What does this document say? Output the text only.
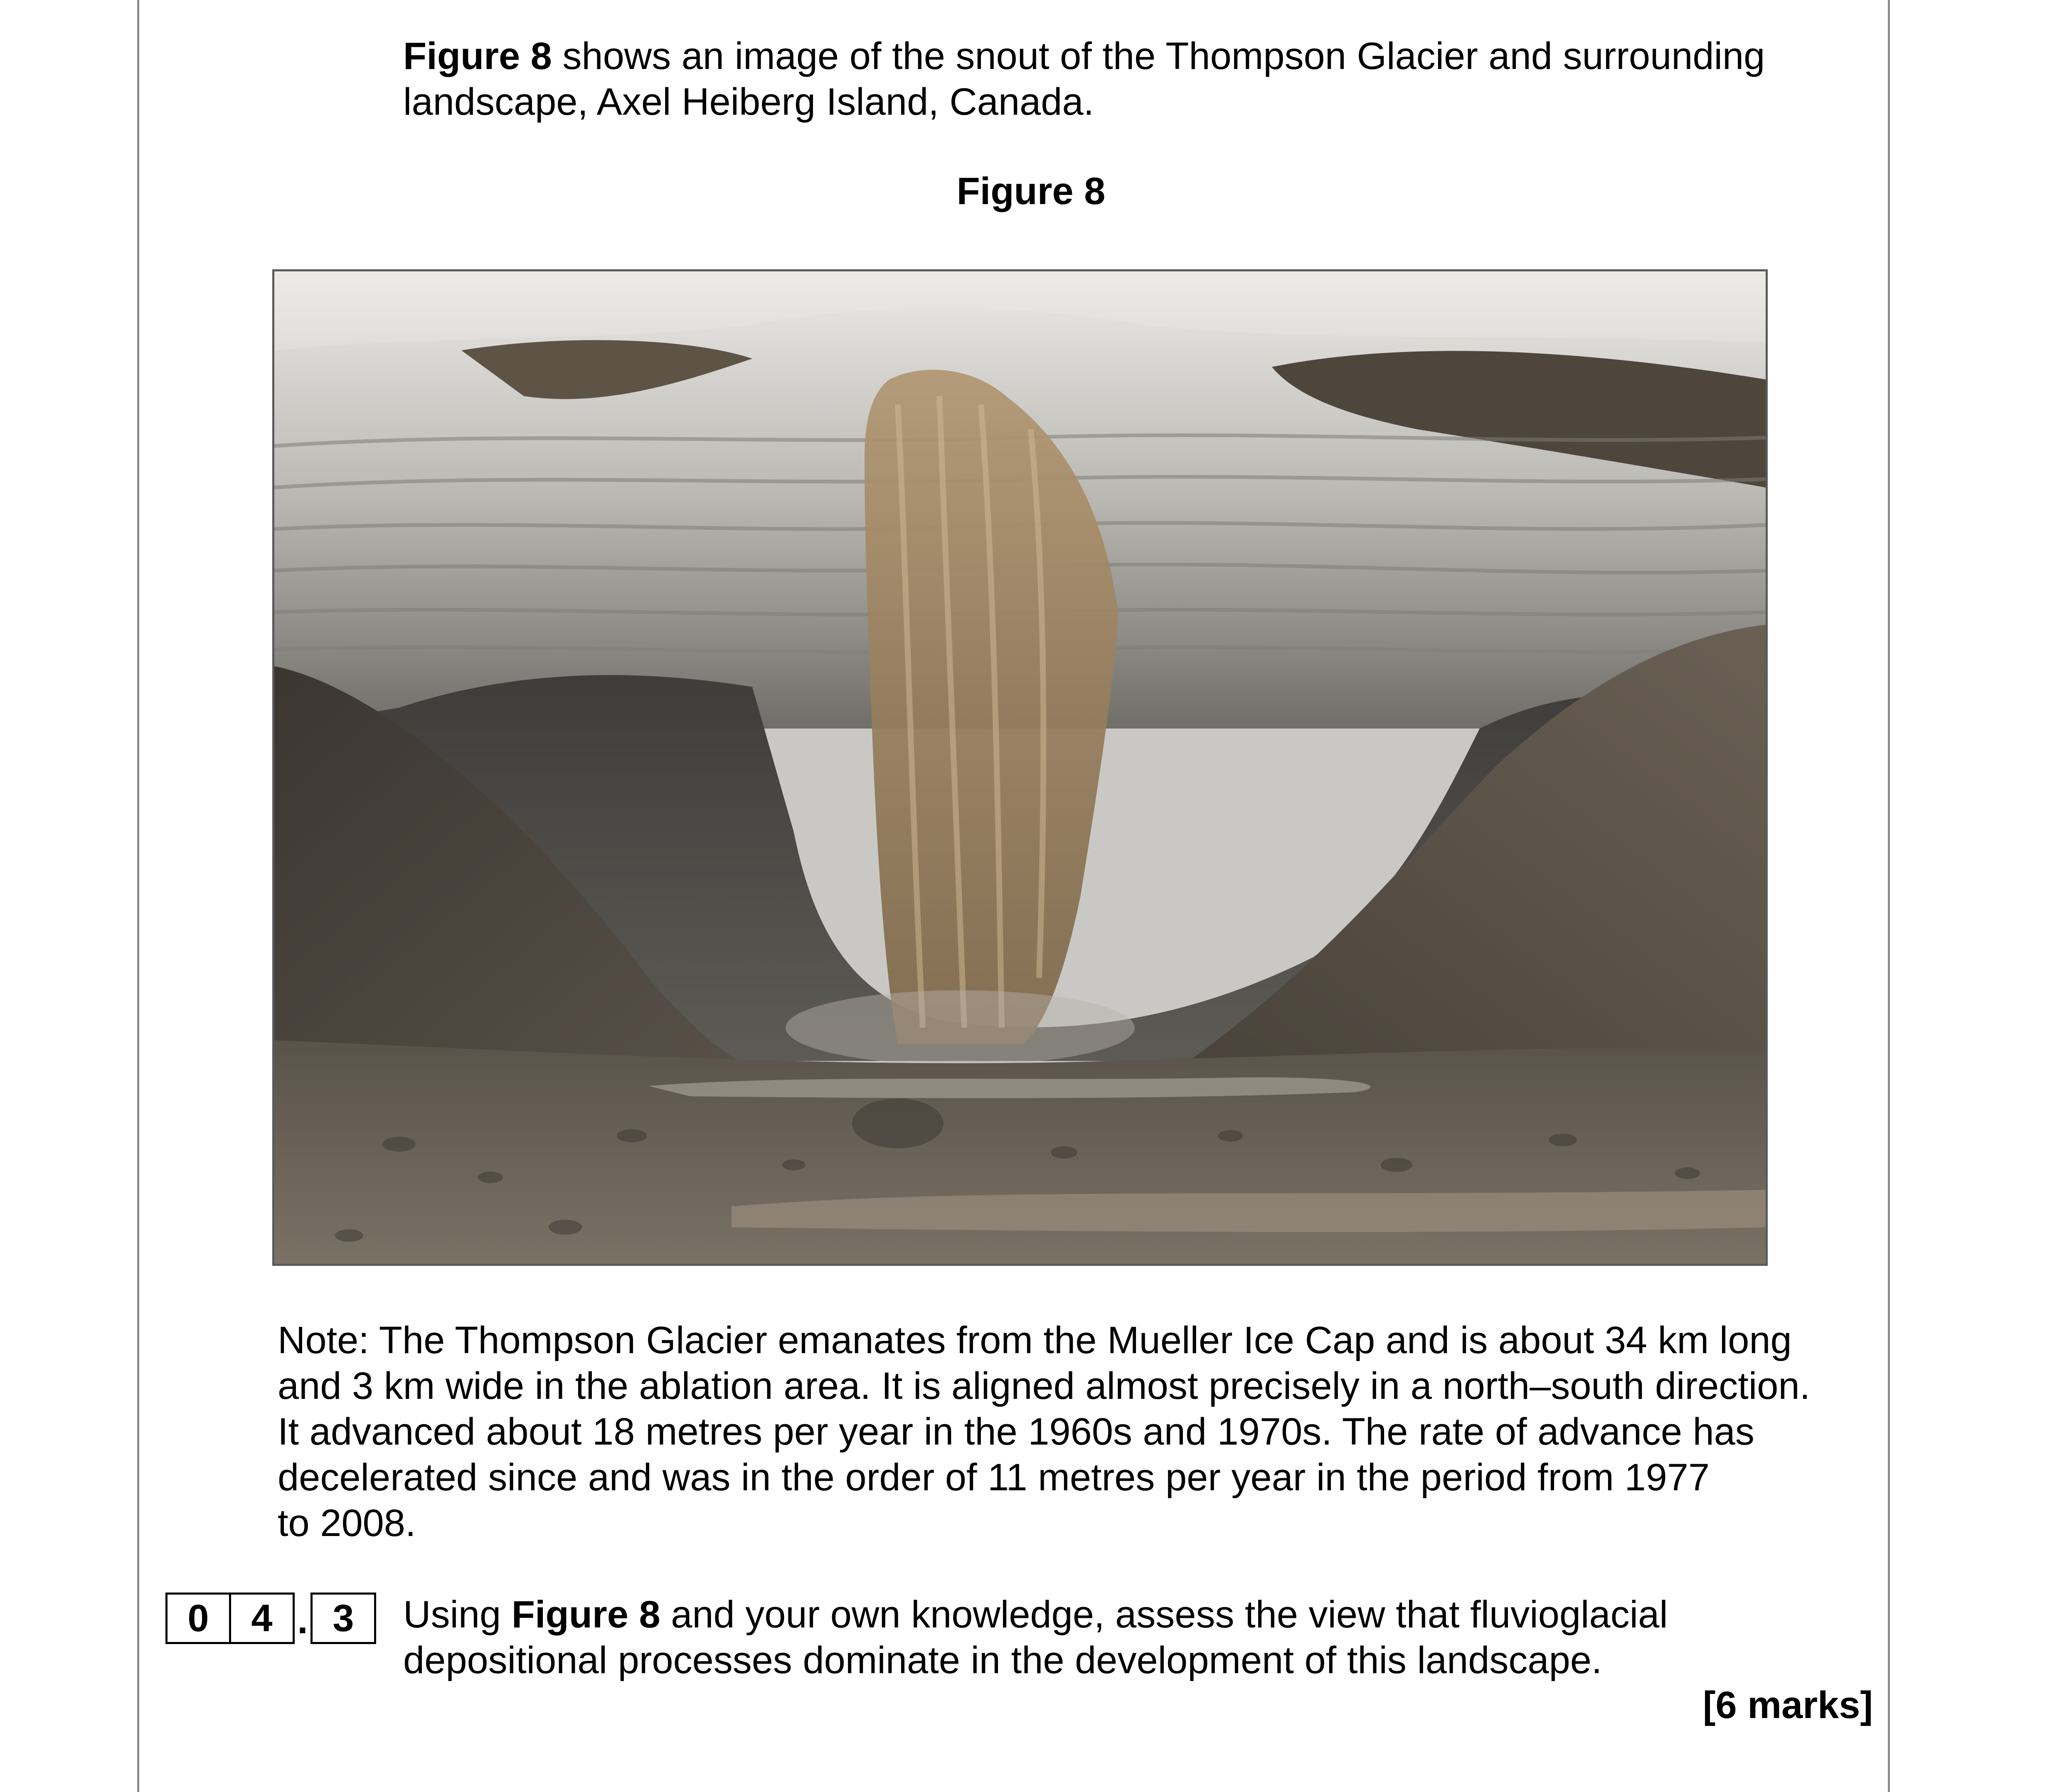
Figure 8 shows an image of the snout of the Thompson Glacier and surrounding
landscape, Axel Heiberg Island, Canada.
Figure 8

Note: The Thompson Glacier emanates from the Mueller Ice Cap and is about 34 km long

and 3 km wide in the ablation area. It is aligned almost precisely in a north–south direction.

It advanced about 18 metres per year in the 1960s and 1970s. The rate of advance has

decelerated since and was in the order of 11 metres per year in the period from 1977

to 2008.

0	4 . 3	Using Figure 8 and your own knowledge, assess the view that fluvioglacial
depositional processes dominate in the development of this landscape.
[6 marks]
